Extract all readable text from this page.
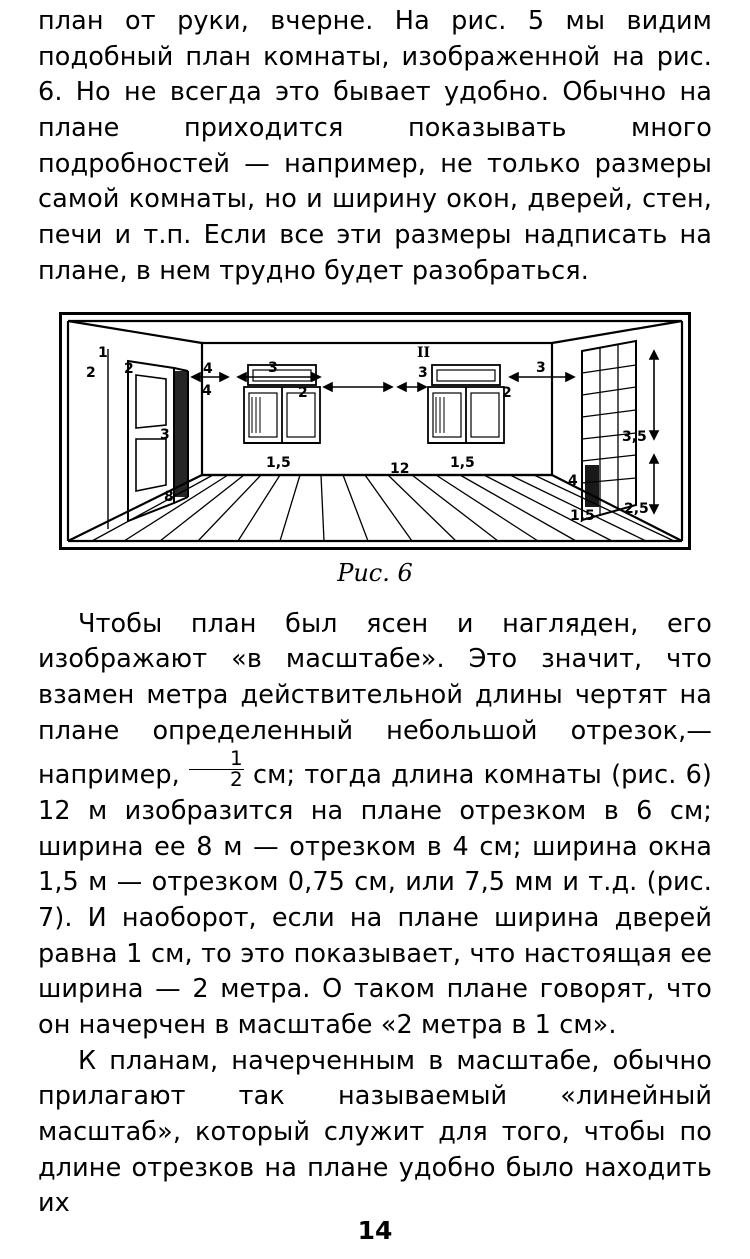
план от руки, вчерне. На рис. 5 мы видим подобный план комнаты, изображенной на рис. 6. Но не всегда это бывает удобно. Обычно на плане приходится показывать много подробностей — например, не только размеры самой комнаты, но и ширину окон, дверей, стен, печи и т.п. Если все эти размеры надписать на плане, в нем трудно будет разобраться.

1
2 2
4
3
8
4	3
2
1,5	12
2
1,5
3
4
1,5
3,5
2,5
II
3
Рис. 6

Чтобы план был ясен и нагляден, его изображают «в масштабе». Это значит, что взамен метра действительной длины чертят на плане определенный небольшой отрезок,— например, $\frac{1}{2}$ см; тогда длина комнаты (рис. 6) 12 м изобразится на плане отрезком в 6 см; ширина ее 8 м — отрезком в 4 см; ширина окна 1,5 м — отрезком 0,75 см, или 7,5 мм и т.д. (рис. 7). И наоборот, если на плане ширина дверей равна 1 см, то это показывает, что настоящая ее ширина — 2 метра. О таком плане говорят, что он начерчен в масштабе «2 метра в 1 см».

К планам, начерченным в масштабе, обычно прилагают так называемый «линейный масштаб», который служит для того, чтобы по длине отрезков на плане удобно было находить их

14
